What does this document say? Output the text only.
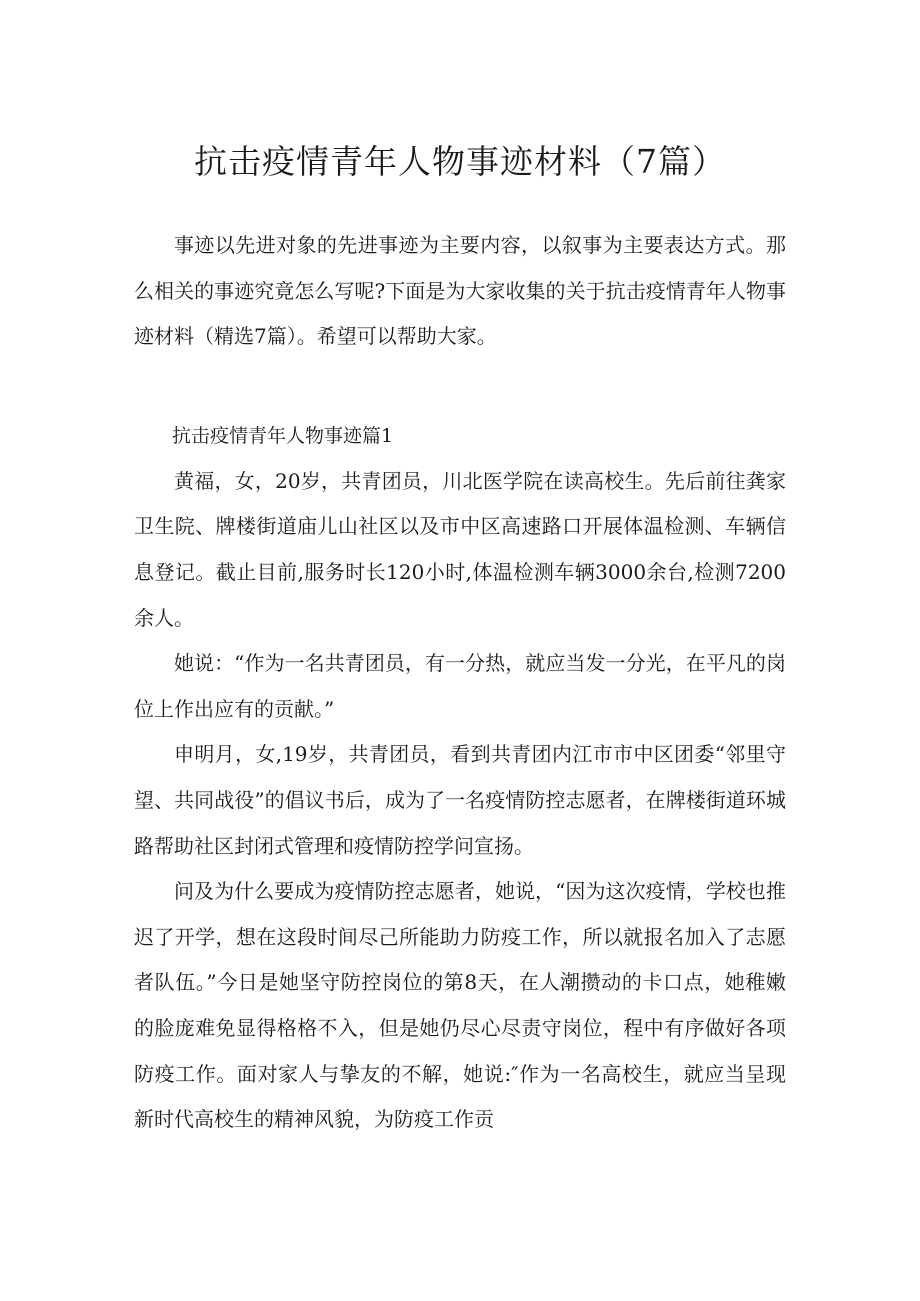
抗击疫情青年人物事迹材料（7篇）

事迹以先进对象的先进事迹为主要内容，以叙事为主要表达方式。那么相关的事迹究竟怎么写呢?下面是为大家收集的关于抗击疫情青年人物事迹材料（精选7篇）。希望可以帮助大家。

抗击疫情青年人物事迹篇1

黄福，女，20岁，共青团员，川北医学院在读高校生。先后前往龚家卫生院、牌楼街道庙儿山社区以及市中区高速路口开展体温检测、车辆信息登记。截止目前,服务时长120小时,体温检测车辆3000余台,检测7200余人。

她说：“作为一名共青团员，有一分热，就应当发一分光，在平凡的岗位上作出应有的贡献。”

申明月，女,19岁，共青团员，看到共青团内江市市中区团委“邻里守望、共同战役”的倡议书后，成为了一名疫情防控志愿者，在牌楼街道环城路帮助社区封闭式管理和疫情防控学问宣扬。

问及为什么要成为疫情防控志愿者，她说，“因为这次疫情，学校也推迟了开学，想在这段时间尽己所能助力防疫工作，所以就报名加入了志愿者队伍。”今日是她坚守防控岗位的第8天，在人潮攒动的卡口点，她稚嫩的脸庞难免显得格格不入，但是她仍尽心尽责守岗位，程中有序做好各项防疫工作。面对家人与挚友的不解，她说:″作为一名高校生，就应当呈现新时代高校生的精神风貌，为防疫工作贡
